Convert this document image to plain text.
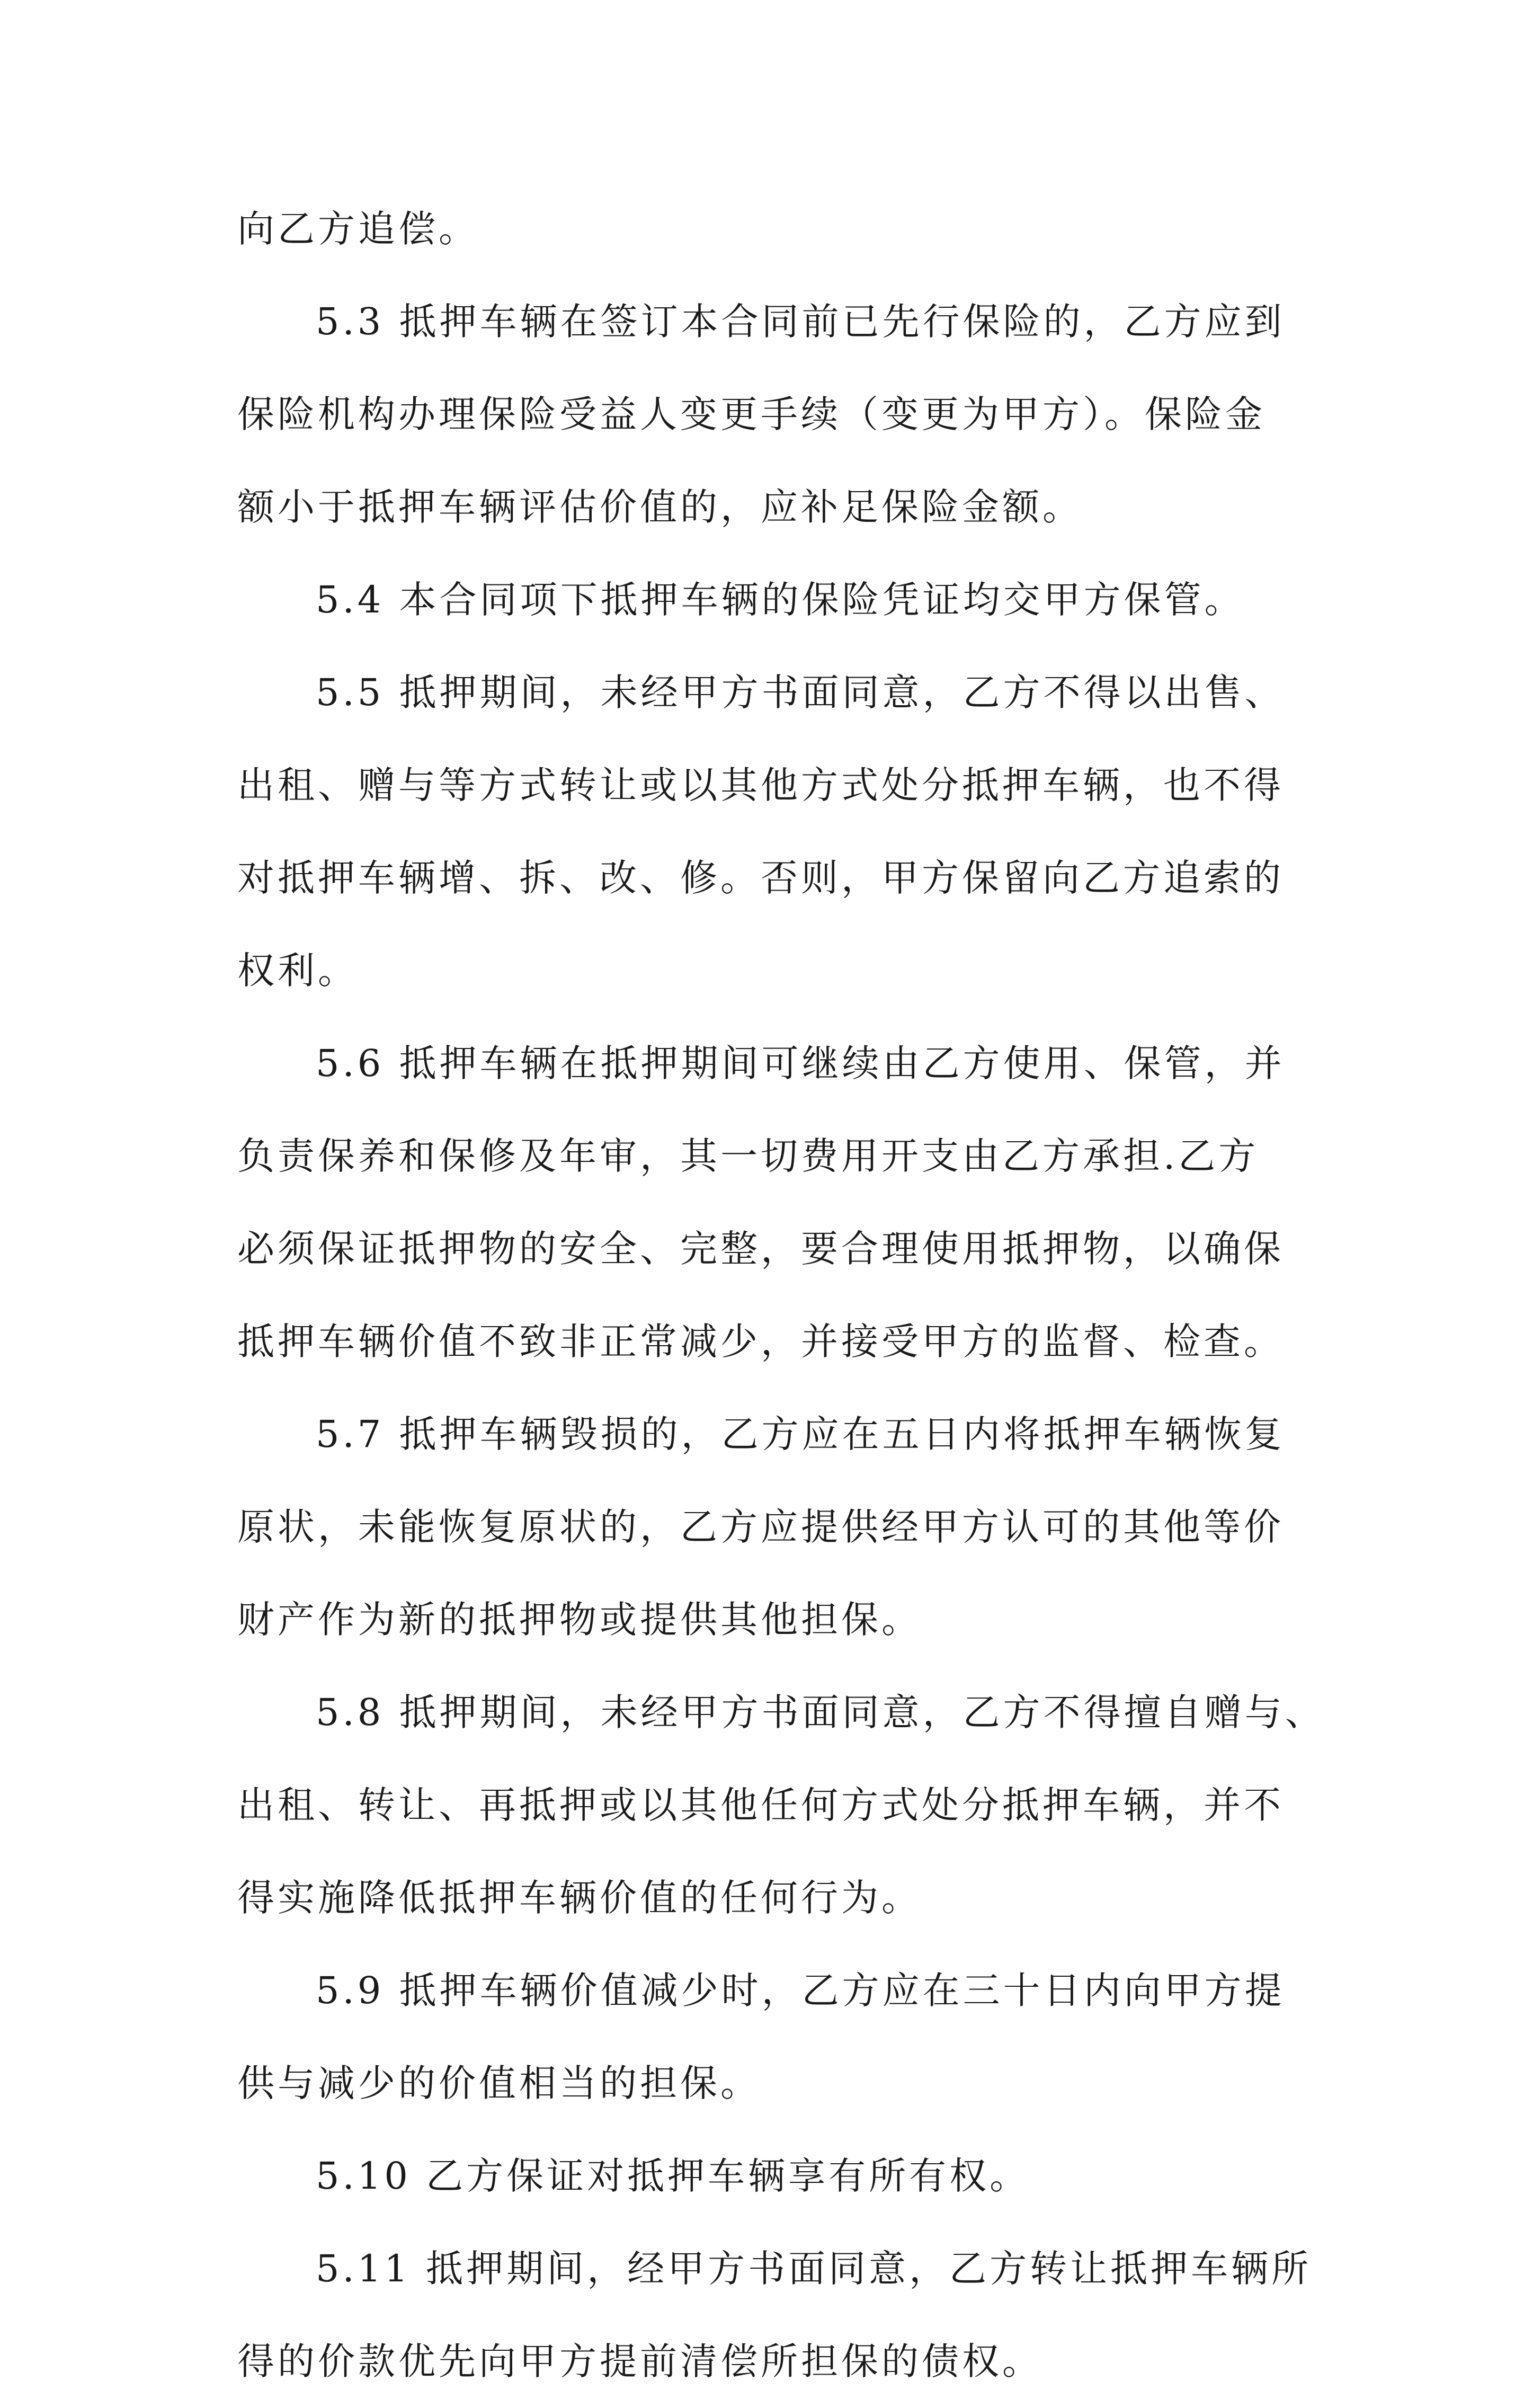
向乙方追偿。
5.3 抵押车辆在签订本合同前已先行保险的，乙方应到
保险机构办理保险受益人变更手续（变更为甲方）。保险金
额小于抵押车辆评估价值的，应补足保险金额。
5.4 本合同项下抵押车辆的保险凭证均交甲方保管。
5.5 抵押期间，未经甲方书面同意，乙方不得以出售、
出租、赠与等方式转让或以其他方式处分抵押车辆，也不得
对抵押车辆增、拆、改、修。否则，甲方保留向乙方追索的
权利。
5.6 抵押车辆在抵押期间可继续由乙方使用、保管，并
负责保养和保修及年审，其一切费用开支由乙方承担.乙方
必须保证抵押物的安全、完整，要合理使用抵押物，以确保
抵押车辆价值不致非正常减少，并接受甲方的监督、检查。
5.7 抵押车辆毁损的，乙方应在五日内将抵押车辆恢复
原状，未能恢复原状的，乙方应提供经甲方认可的其他等价
财产作为新的抵押物或提供其他担保。
5.8 抵押期间，未经甲方书面同意，乙方不得擅自赠与、
出租、转让、再抵押或以其他任何方式处分抵押车辆，并不
得实施降低抵押车辆价值的任何行为。
5.9 抵押车辆价值减少时，乙方应在三十日内向甲方提
供与减少的价值相当的担保。
5.10 乙方保证对抵押车辆享有所有权。
5.11 抵押期间，经甲方书面同意，乙方转让抵押车辆所
得的价款优先向甲方提前清偿所担保的债权。
